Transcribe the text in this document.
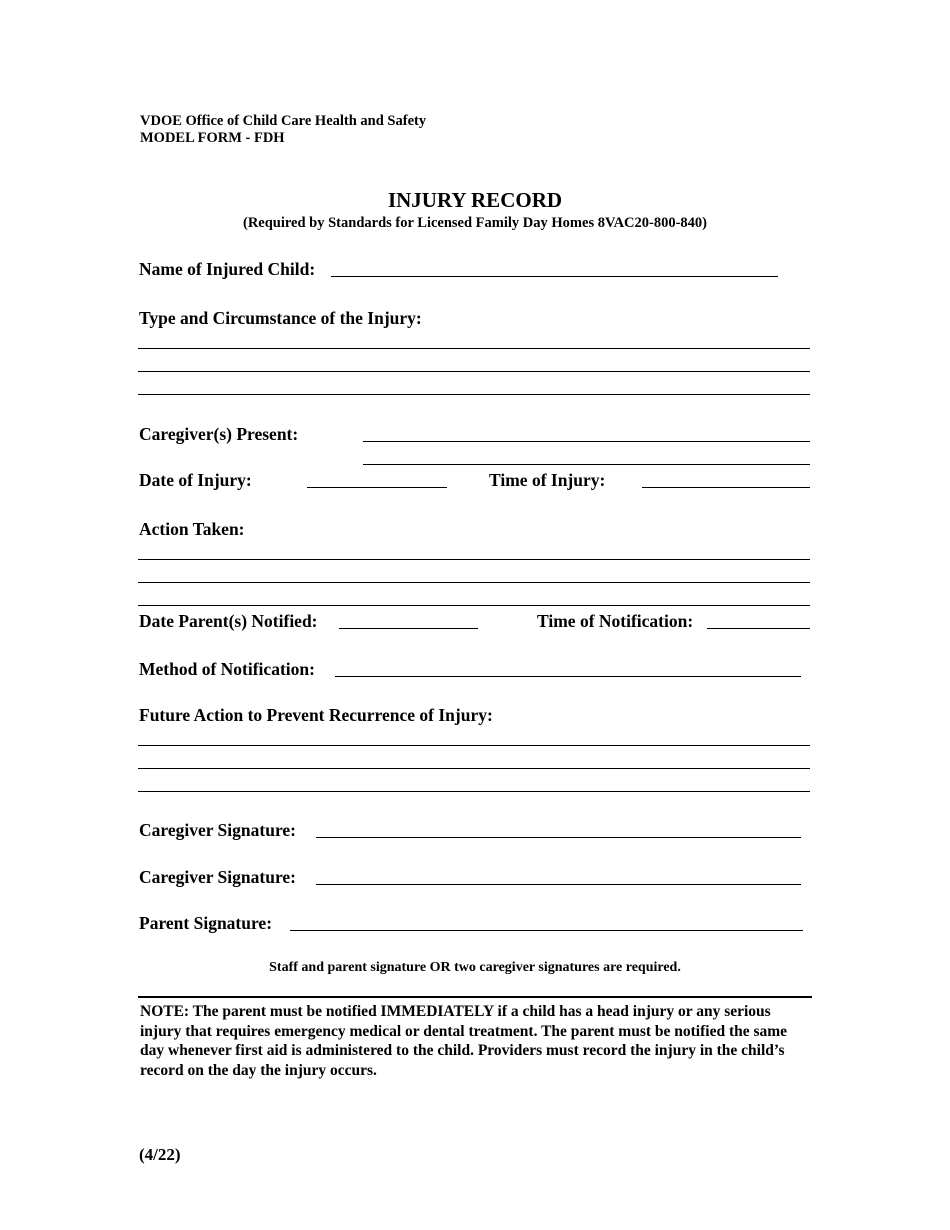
VDOE Office of Child Care Health and Safety
MODEL FORM - FDH
INJURY RECORD
(Required by Standards for Licensed Family Day Homes 8VAC20-800-840)
Name of Injured Child:
Type and Circumstance of the Injury:
Caregiver(s) Present:
Date of Injury:	Time of Injury:
Action Taken:
Date Parent(s) Notified:	Time of Notification:
Method of Notification:
Future Action to Prevent Recurrence of Injury:
Caregiver Signature:
Caregiver Signature:
Parent Signature:
Staff and parent signature OR two caregiver signatures are required.
NOTE: The parent must be notified IMMEDIATELY if a child has a head injury or any serious injury that requires emergency medical or dental treatment. The parent must be notified the same day whenever first aid is administered to the child. Providers must record the injury in the child’s record on the day the injury occurs.
(4/22)
